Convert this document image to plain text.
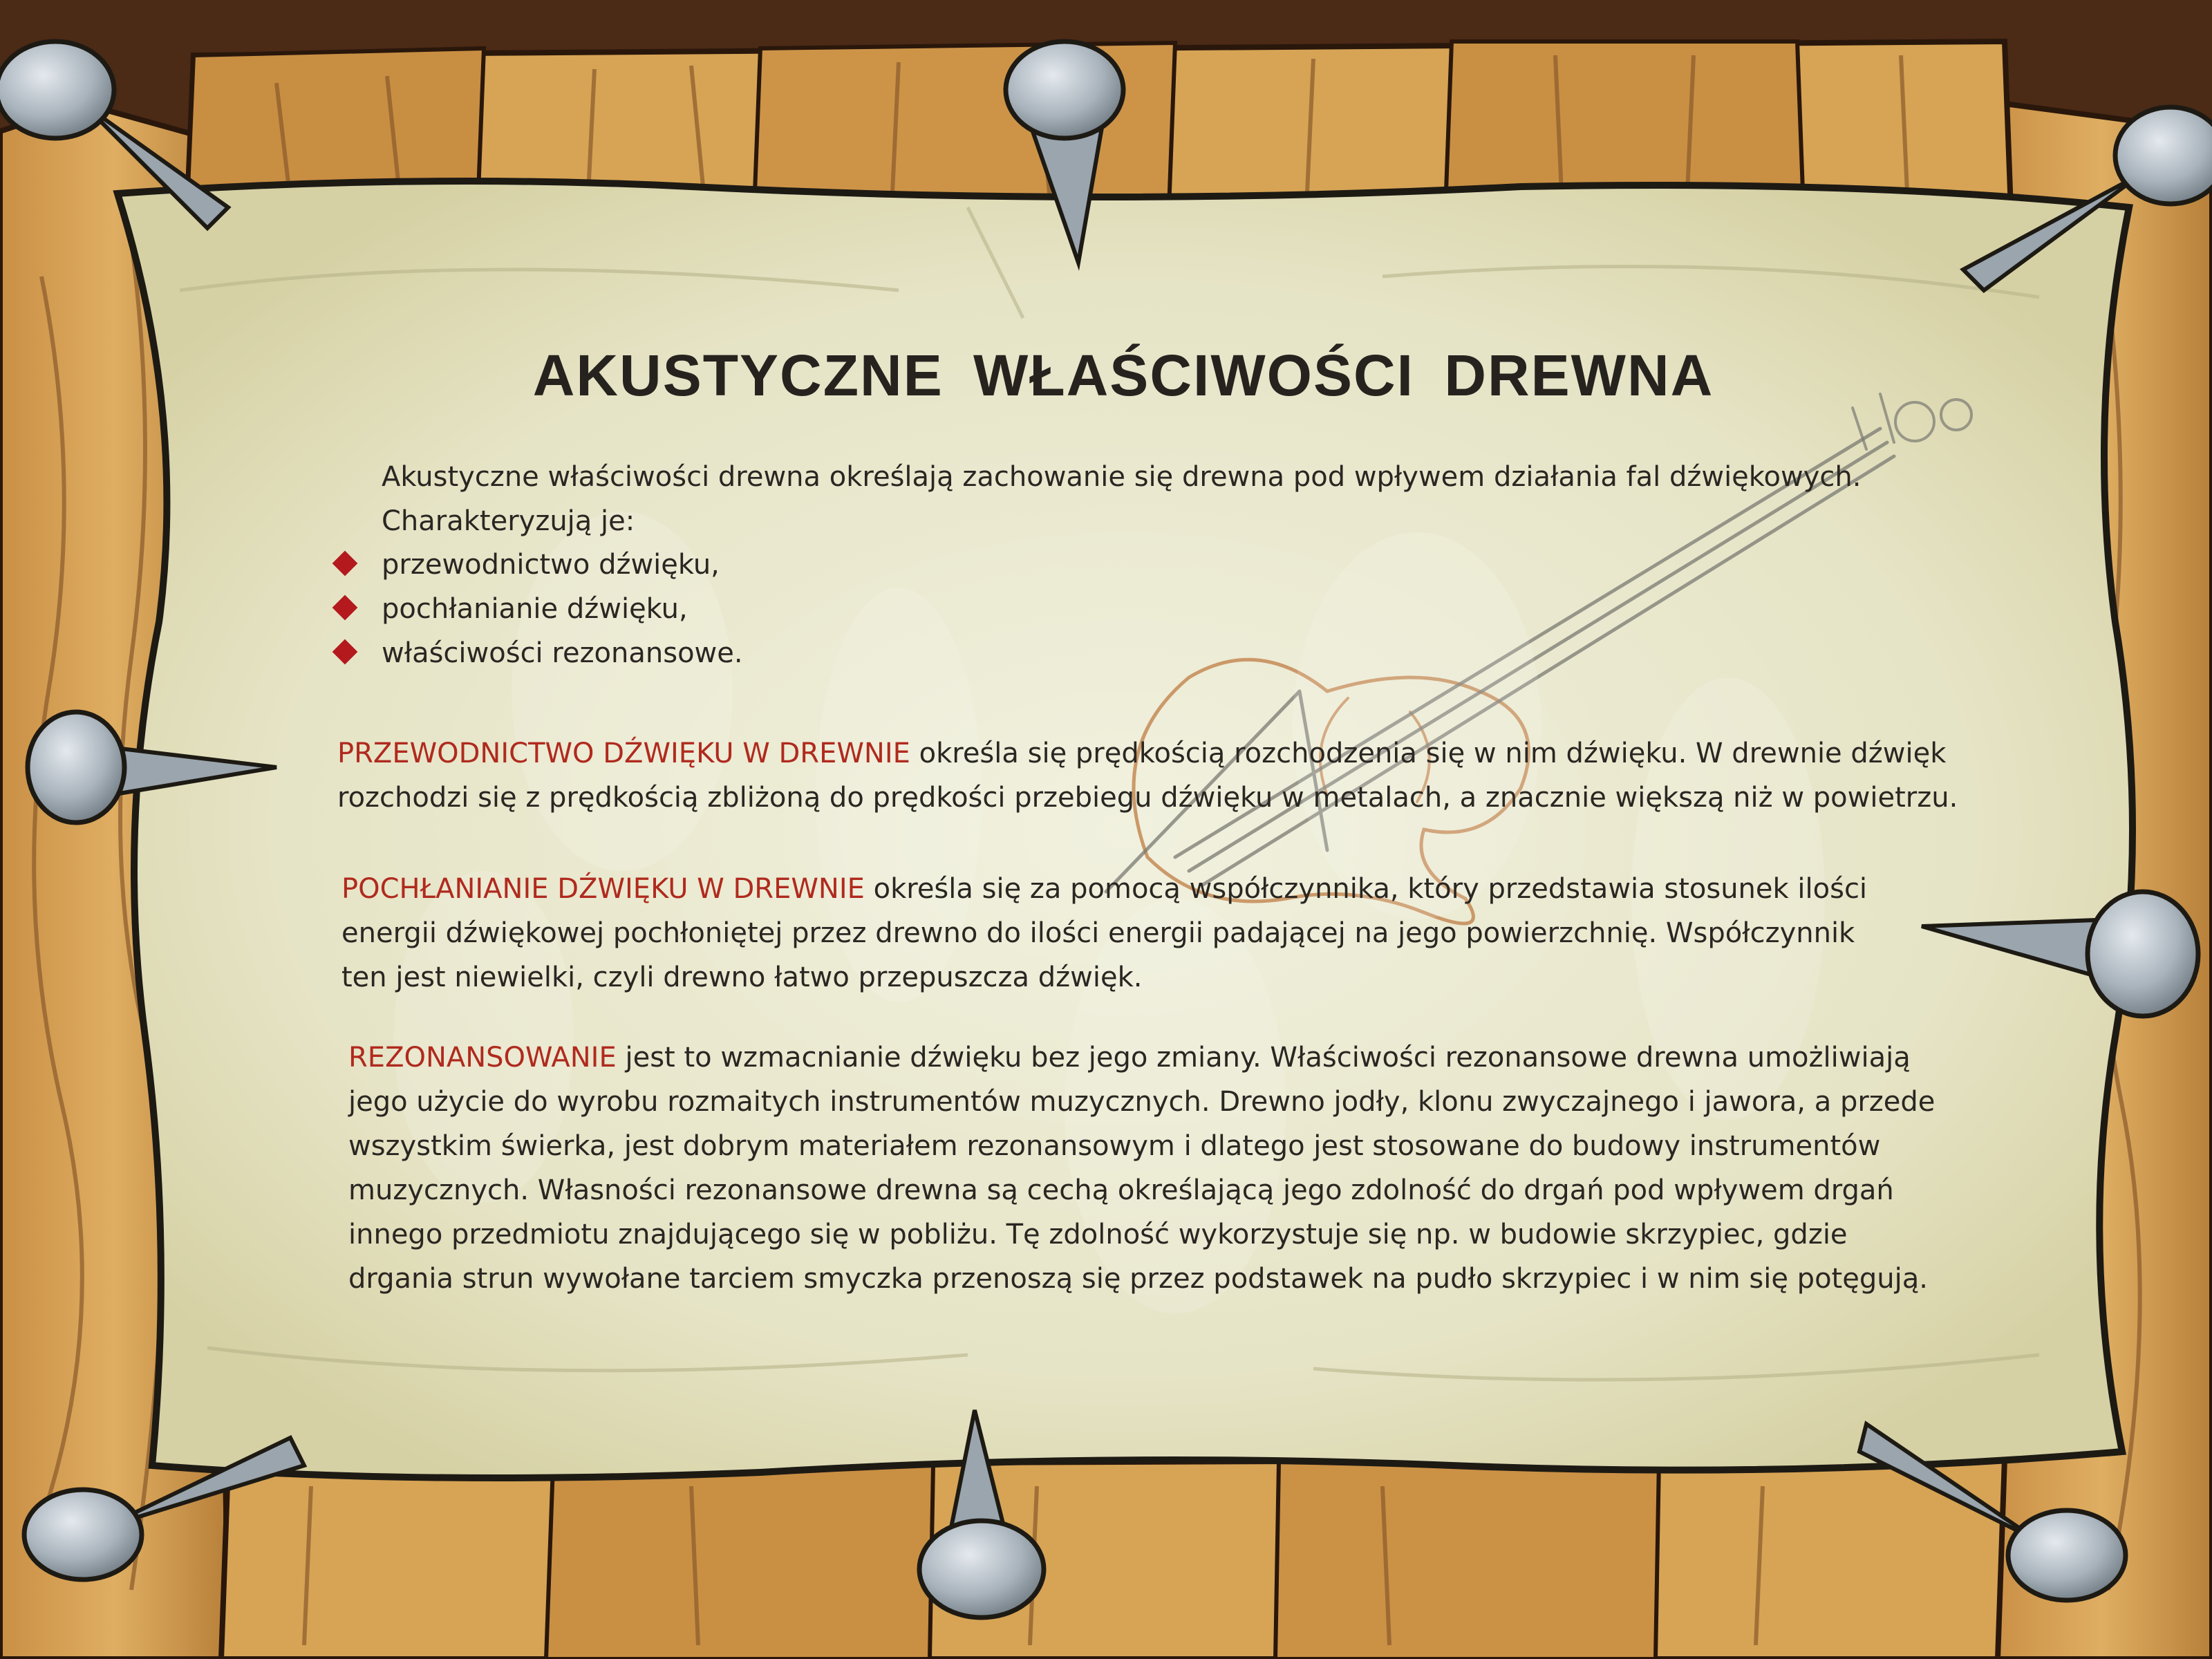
AKUSTYCZNE WŁAŚCIWOŚCI DREWNA
Akustyczne właściwości drewna określają zachowanie się drewna pod wpływem działania fal dźwiękowych.
Charakteryzują je:
przewodnictwo dźwięku,
pochłanianie dźwięku,
właściwości rezonansowe.
PRZEWODNICTWO DŹWIĘKU W DREWNIE określa się prędkością rozchodzenia się w nim dźwięku. W drewnie dźwięk
rozchodzi się z prędkością zbliżoną do prędkości przebiegu dźwięku w metalach, a znacznie większą niż w powietrzu.
POCHŁANIANIE DŹWIĘKU W DREWNIE określa się za pomocą współczynnika, który przedstawia stosunek ilości
energii dźwiękowej pochłoniętej przez drewno do ilości energii padającej na jego powierzchnię. Współczynnik
ten jest niewielki, czyli drewno łatwo przepuszcza dźwięk.
REZONANSOWANIE jest to wzmacnianie dźwięku bez jego zmiany. Właściwości rezonansowe drewna umożliwiają
jego użycie do wyrobu rozmaitych instrumentów muzycznych. Drewno jodły, klonu zwyczajnego i jawora, a przede
wszystkim świerka, jest dobrym materiałem rezonansowym i dlatego jest stosowane do budowy instrumentów
muzycznych. Własności rezonansowe drewna są cechą określającą jego zdolność do drgań pod wpływem drgań
innego przedmiotu znajdującego się w pobliżu. Tę zdolność wykorzystuje się np. w budowie skrzypiec, gdzie
drgania strun wywołane tarciem smyczka przenoszą się przez podstawek na pudło skrzypiec i w nim się potęgują.
